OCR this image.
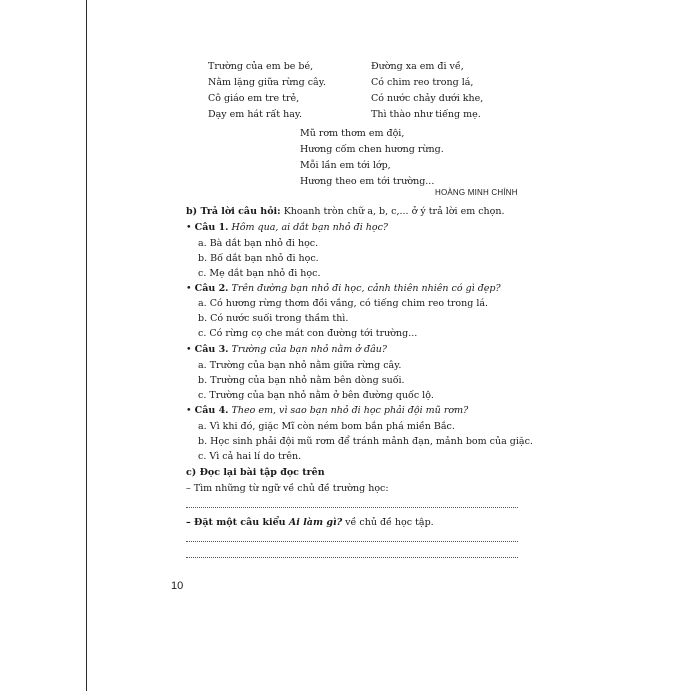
Trường của em be bé,
Nằm lặng giữa rừng cây.
Cô giáo em tre trẻ,
Dạy em hát rất hay.
Đường xa em đi về,
Có chim reo trong lá,
Có nước chảy dưới khe,
Thì thào như tiếng mẹ.
Mũ rơm thơm em đội,
Hương cốm chen hương rừng.
Mỗi lần em tới lớp,
Hương theo em tới trường...
HOÀNG MINH CHÍNH
b) Trả lời câu hỏi: Khoanh tròn chữ a, b, c,... ở ý trả lời em chọn.
• Câu 1. Hôm qua, ai dắt bạn nhỏ đi học?
a. Bà dắt bạn nhỏ đi học.
b. Bố dắt bạn nhỏ đi học.
c. Mẹ dắt bạn nhỏ đi học.
• Câu 2. Trên đường bạn nhỏ đi học, cảnh thiên nhiên có gì đẹp?
a. Có hương rừng thơm đồi vắng, có tiếng chim reo trong lá.
b. Có nước suối trong thầm thì.
c. Có rừng cọ che mát con đường tới trường...
• Câu 3. Trường của bạn nhỏ nằm ở đâu?
a. Trường của bạn nhỏ nằm giữa rừng cây.
b. Trường của bạn nhỏ nằm bên dòng suối.
c. Trường của bạn nhỏ nằm ở bên đường quốc lộ.
• Câu 4. Theo em, vì sao bạn nhỏ đi học phải đội mũ rơm?
a. Vì khi đó, giặc Mĩ còn ném bom bắn phá miền Bắc.
b. Học sinh phải đội mũ rơm để tránh mảnh đạn, mảnh bom của giặc.
c. Vì cả hai lí do trên.
c) Đọc lại bài tập đọc trên
– Tìm những từ ngữ về chủ đề trường học:
– Đặt một câu kiểu Ai làm gì? về chủ đề học tập.
10
